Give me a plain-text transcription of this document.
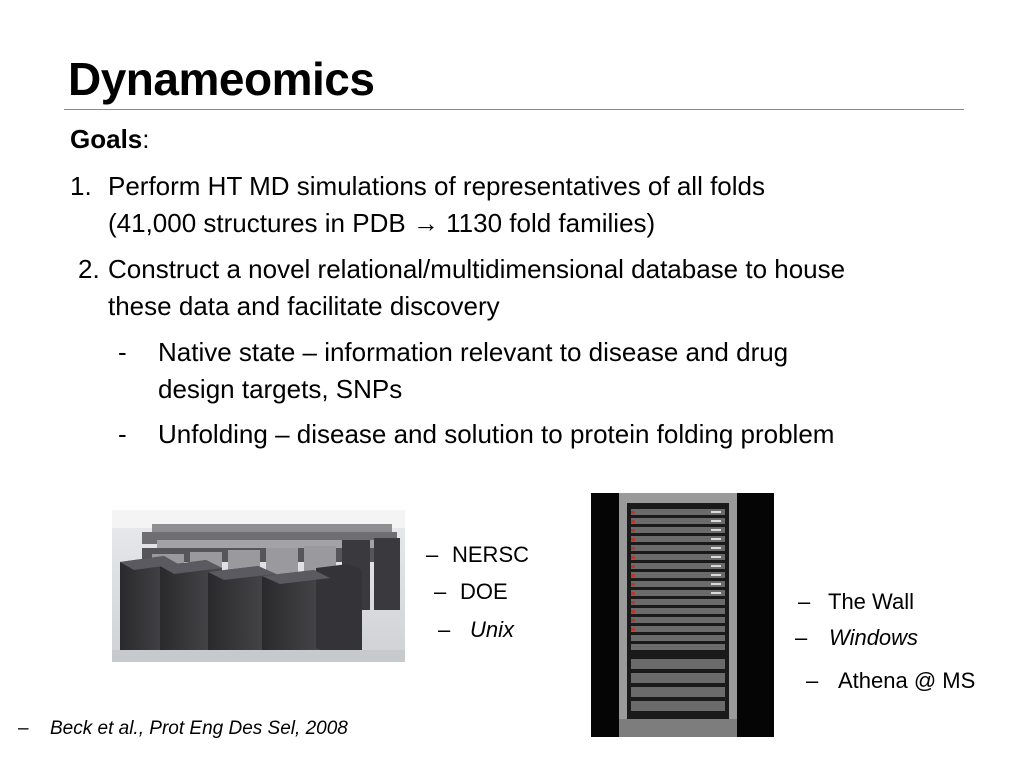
Dynameomics
Goals:
1. Perform HT MD simulations of representatives of all folds
(41,000 structures in PDB → 1130 fold families)
2. Construct a novel relational/multidimensional database to house
these data and facilitate discovery
- Native state – information relevant to disease and drug
design targets, SNPs
- Unfolding – disease and solution to protein folding problem
– NERSC
– DOE
– Unix
– The Wall
– Windows
– Athena @ MS
– Beck et al., Prot Eng Des Sel, 2008
